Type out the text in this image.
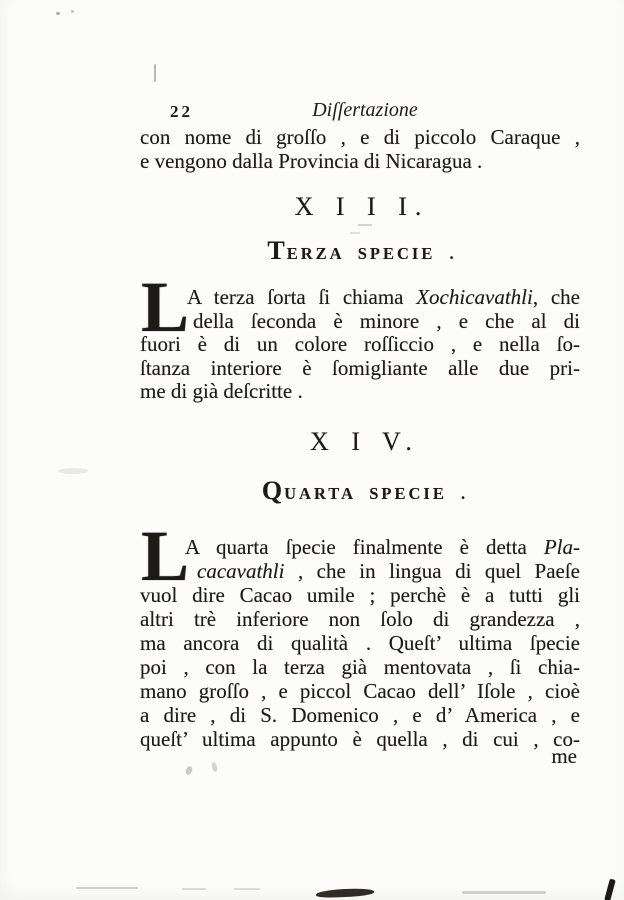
22	Diſſertazione
con nome di groſſo , e di piccolo Caraque ,
e vengono dalla Provincia di Nicaragua .
X I I I.
TERZA SPECIE .
L
A terza ſorta ſi chiama Xochicavathli, che
della ſeconda è minore , e che al di
fuori è di un colore roſſiccio , e nella ſo-
ſtanza interiore è ſomigliante alle due pri-
me di già deſcritte .
X I V.
QUARTA SPECIE .
L
A quarta ſpecie finalmente è detta Pla-
cacavathli , che in lingua di quel Paeſe
vuol dire Cacao umile ; perchè è a tutti gli
altri trè inferiore non ſolo di grandezza ,
ma ancora di qualità . Queſt’ ultima ſpecie
poi , con la terza già mentovata , ſi chia-
mano groſſo , e piccol Cacao dell’ Iſole , cioè
a dire , di S. Domenico , e d’ America , e
queſt’ ultima appunto è quella , di cui , co-
me
